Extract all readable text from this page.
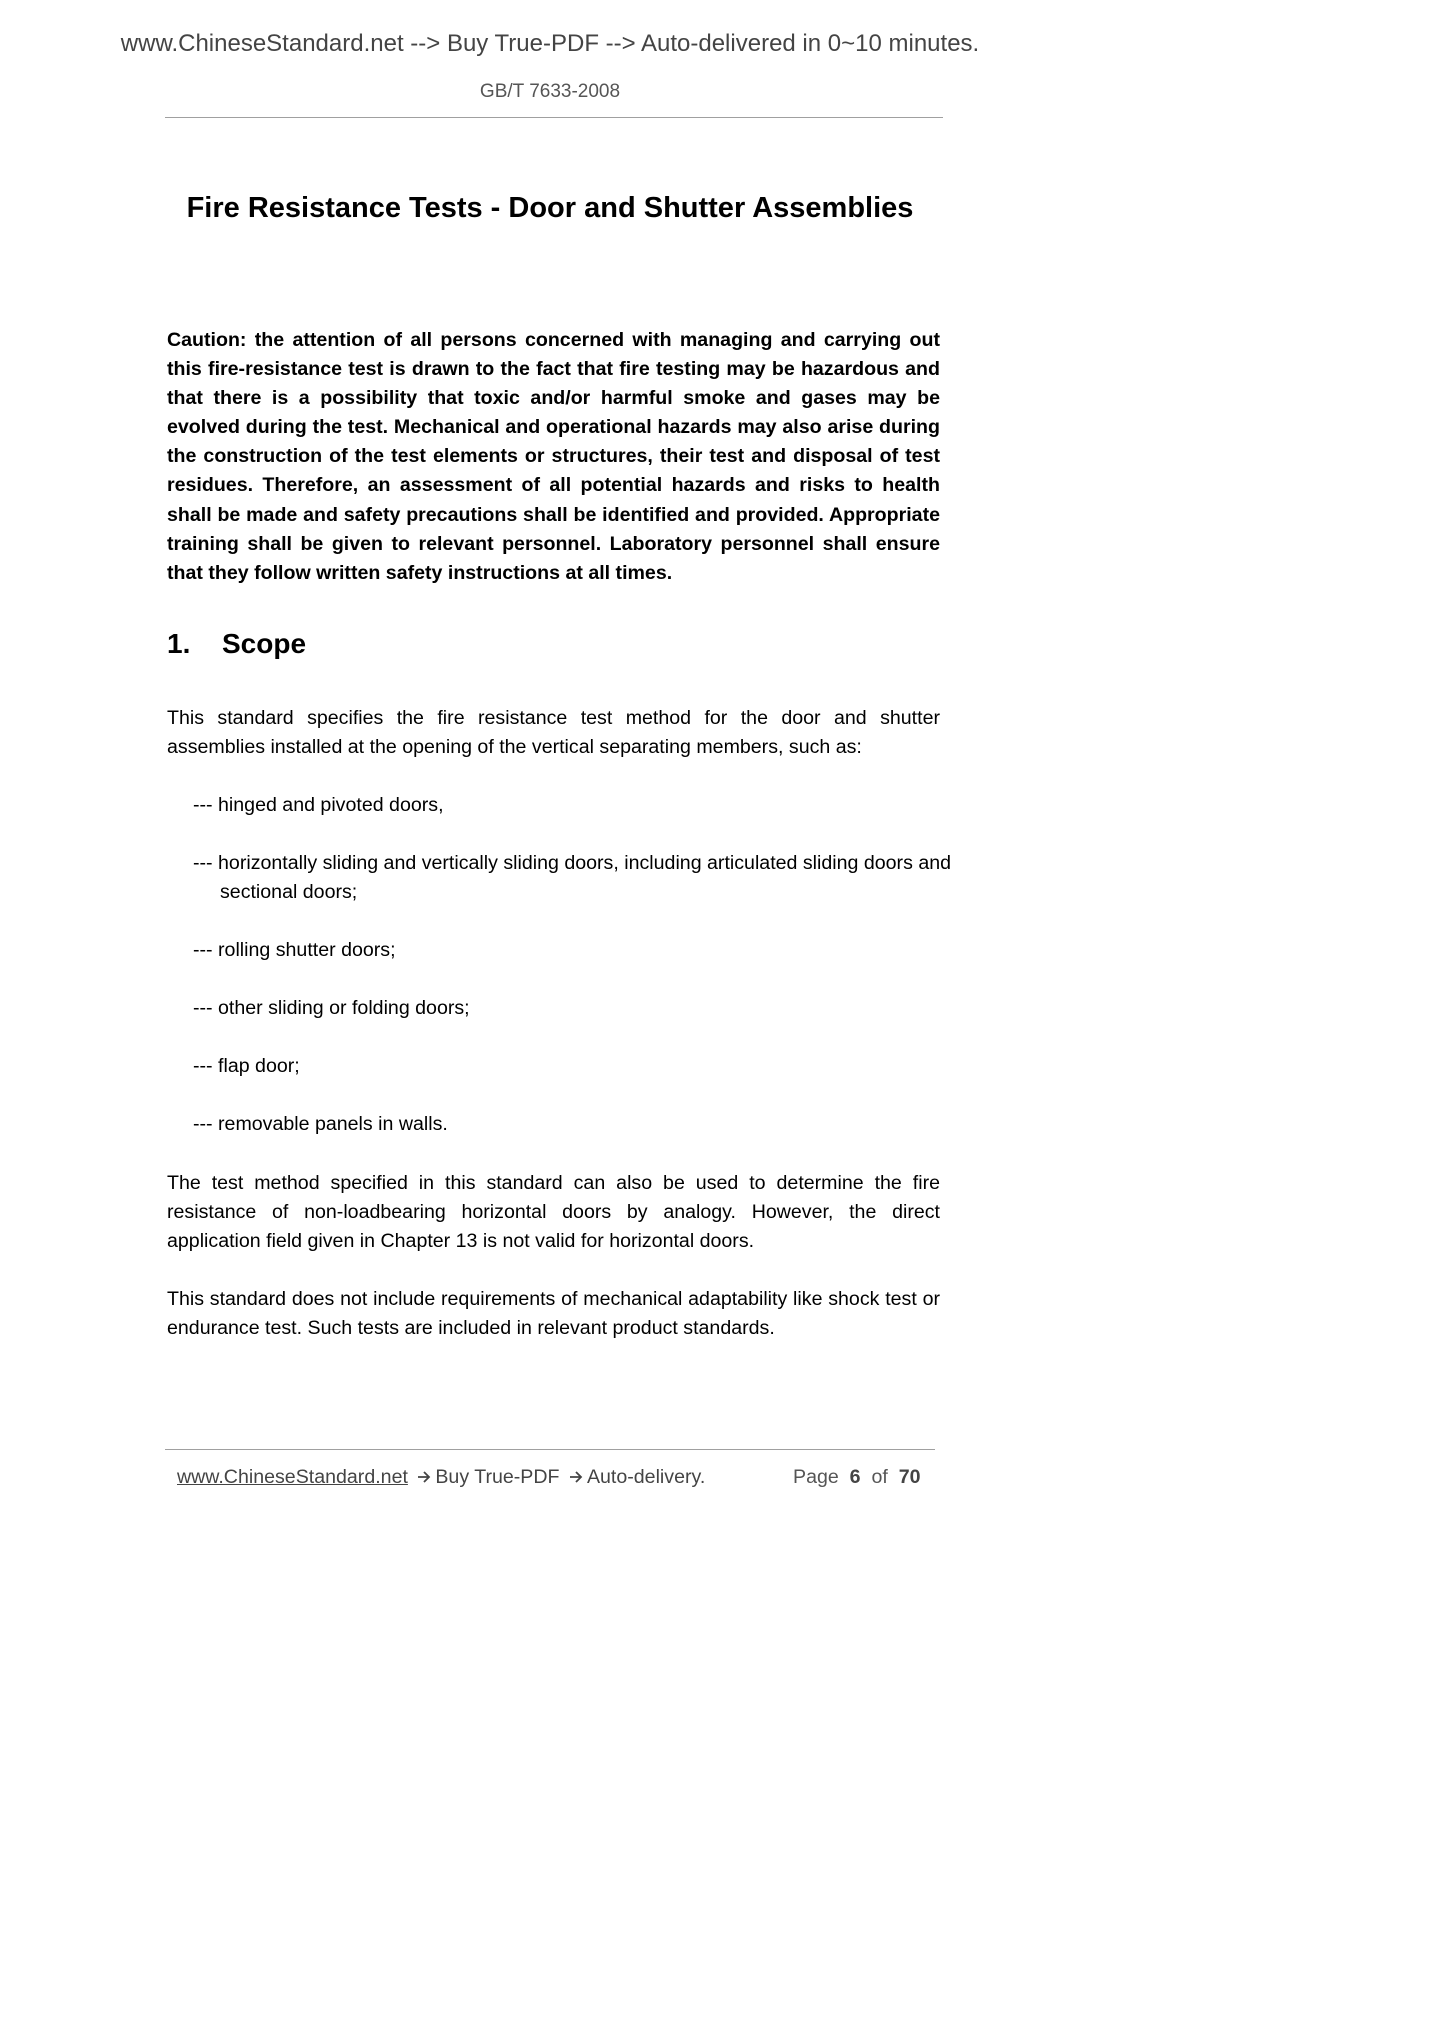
www.ChineseStandard.net --> Buy True-PDF --> Auto-delivered in 0~10 minutes.
GB/T 7633-2008
Fire Resistance Tests - Door and Shutter Assemblies

Caution: the attention of all persons concerned with managing and carrying out this fire-resistance test is drawn to the fact that fire testing may be hazardous and that there is a possibility that toxic and/or harmful smoke and gases may be evolved during the test. Mechanical and operational hazards may also arise during the construction of the test elements or structures, their test and disposal of test residues. Therefore, an assessment of all potential hazards and risks to health shall be made and safety precautions shall be identified and provided. Appropriate training shall be given to relevant personnel. Laboratory personnel shall ensure that they follow written safety instructions at all times.

1. Scope

This standard specifies the fire resistance test method for the door and shutter assemblies installed at the opening of the vertical separating members, such as:

--- hinged and pivoted doors,

--- horizontally sliding and vertically sliding doors, including articulated sliding doors and sectional doors;

--- rolling shutter doors;

--- other sliding or folding doors;

--- flap door;

--- removable panels in walls.

The test method specified in this standard can also be used to determine the fire resistance of non-loadbearing horizontal doors by analogy. However, the direct application field given in Chapter 13 is not valid for horizontal doors.

This standard does not include requirements of mechanical adaptability like shock test or endurance test. Such tests are included in relevant product standards.

www.ChineseStandard.net Buy True-PDF Auto-delivery.	Page 6 of 70
